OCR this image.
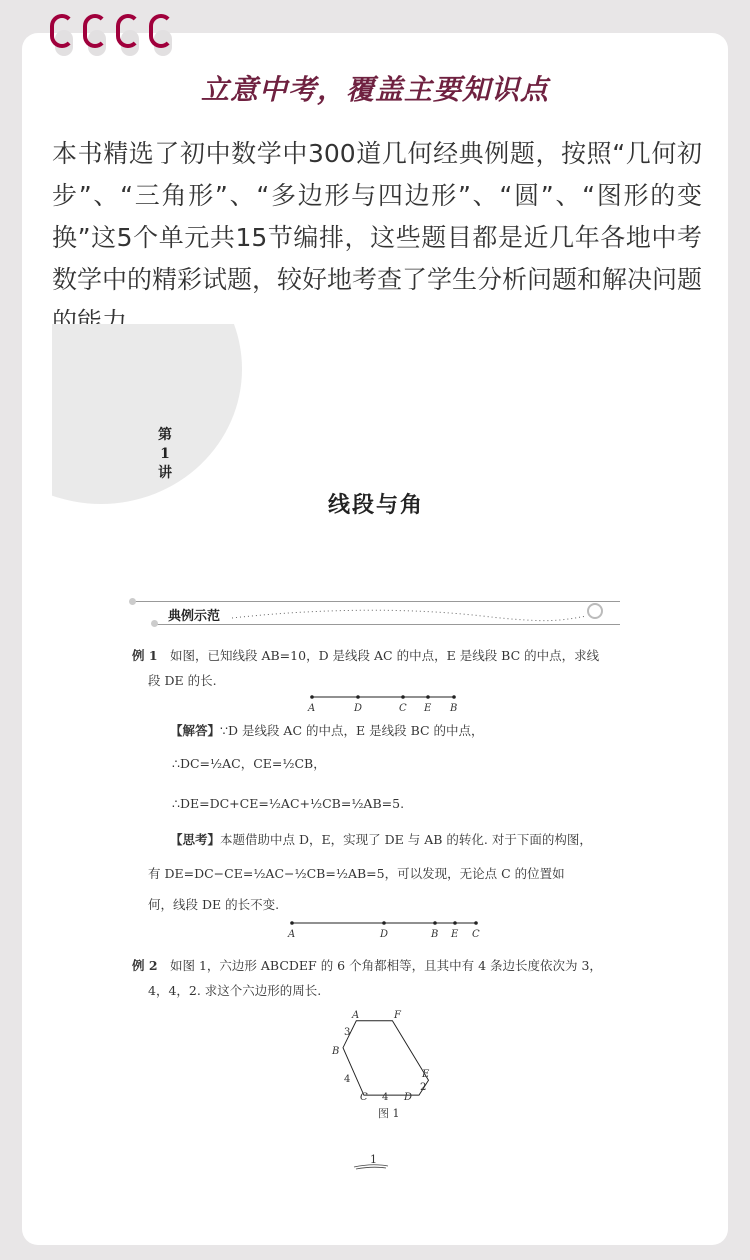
立意中考，覆盖主要知识点
本书精选了初中数学中300道几何经典例题，按照“几何初步”、“三角形”、“多边形与四边形”、“圆”、“图形的变换”这5个单元共15节编排，这些题目都是近几年各地中考数学中的精彩试题，较好地考查了学生分析问题和解决问题的能力。
第
1
讲
线段与角
典例示范
例 1 如图，已知线段 AB=10，D 是线段 AC 的中点，E 是线段 BC 的中点，求线
段 DE 的长.
A	D	C E B
【解答】∵D 是线段 AC 的中点，E 是线段 BC 的中点，
∴DC=½AC，CE=½CB，
∴DE=DC+CE=½AC+½CB=½AB=5.
【思考】本题借助中点 D，E，实现了 DE 与 AB 的转化. 对于下面的构图，
有 DE=DC−CE=½AC−½CB=½AB=5，可以发现，无论点 C 的位置如
何，线段 DE 的长不变.
A	D	B E C
例 2 如图 1，六边形 ABCDEF 的 6 个角都相等，且其中有 4 条边长度依次为 3，
4，4，2. 求这个六边形的周长.
A
B
C	D
E
F
3
4
4
2
图 1
1
